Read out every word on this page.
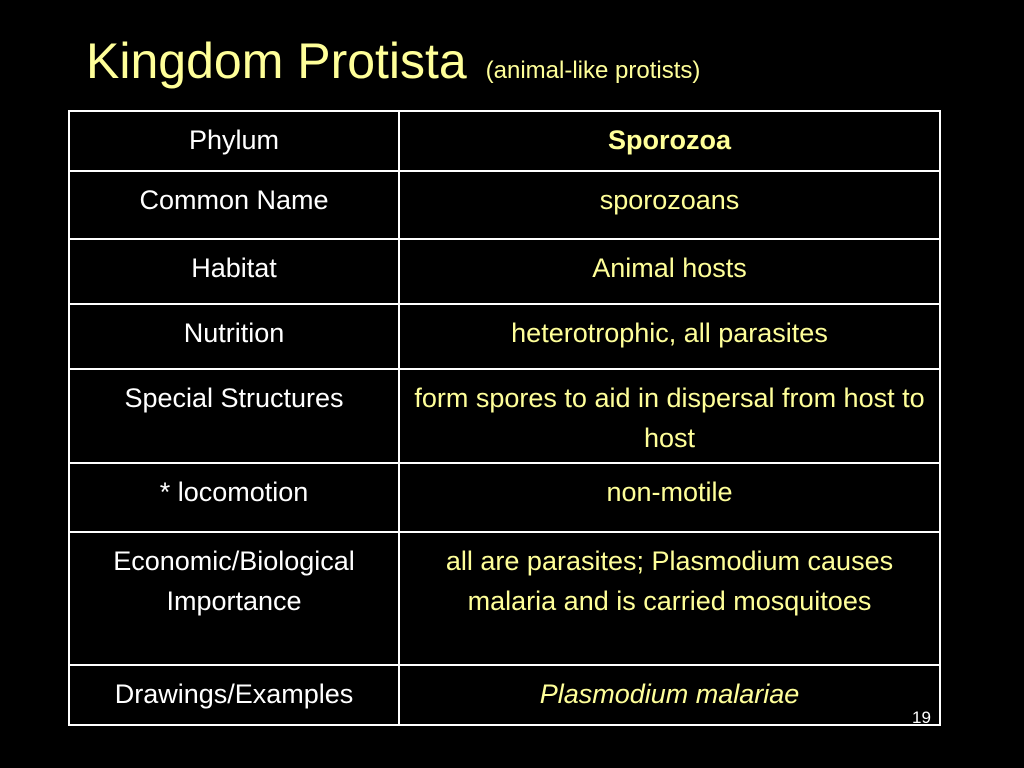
Kingdom Protista (animal-like protists)
Phylum	Sporozoa
Common Name	sporozoans
Habitat	Animal hosts
Nutrition	heterotrophic, all parasites
Special Structures	form spores to aid in dispersal from host to host
* locomotion	non-motile
Economic/Biological Importance	all are parasites; Plasmodium causes malaria and is carried mosquitoes
Drawings/Examples	Plasmodium malariae
19
